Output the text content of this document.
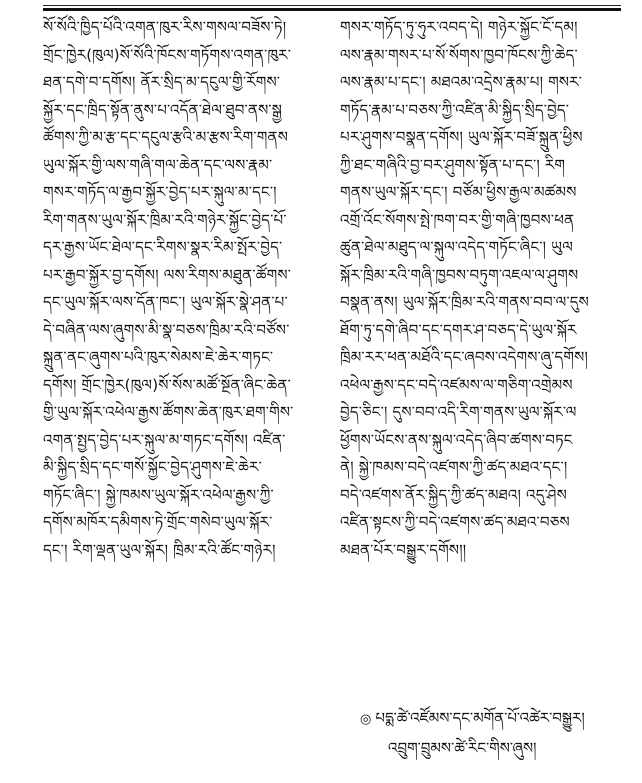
སོ་སོའི་ཁྱིད་པོའི་འགན་ཁུར་རིས་གསལ་བཟོས་ཏེ།
གྲོང་ཁྱེར(ཁུལ)སོ་སོའི་ཁོངས་གཏོགས་འགན་ཁུར་
ཐན་དགེ་བ་དགོས། ནོར་སྲིད་མ་དངུལ་གྱི་རོགས་
སྐྱོར་དང་ཁྲིད་སྟོན་ནུས་པ་འདོན་ཐེལ་ཐུབ་ནས་སྒྱ
ཚོགས་ཀྱི་མ་རྩ་དང་དངུལ་རྩའི་མ་རྩས་རིག་གནས
ཡུལ་སྐོར་གྱི་ལས་གཞི་གལ་ཆེན་དང་ལས་རྣམ་
གསར་གཏོད་ལ་རྒྱབ་སྐྱོར་བྱེད་པར་སྐུལ་མ་དང་།
རིག་གནས་ཡུལ་སྐོར་ཁྲིམ་རའི་གཉེར་སྐྱོང་བྱེད་པོ་
དར་རྒྱས་ཡོང་ཐེལ་དང་རིགས་སྣར་རིམ་སྤོར་བྱེད་
པར་རྒྱབ་སྐྱོར་བྱ་དགོས། ལས་རིགས་མཐུན་ཚོགས་
དང་ཡུལ་སྐོར་ལས་དོན་ཁང་། ཡུལ་སྐོར་སྣེ་ཤན་པ་
དེ་བཞིན་ལས་ཞུགས་མི་སྣ་བཅས་ཁྲིམ་རའི་བཙོས་
སྐྲུན་ནང་ཞུགས་པའི་ཁུར་སེམས་ཇེ་ཆེར་གཏང་
དགོས། གྲོང་ཁྱེར(ཁུལ)སོ་སོས་མཚོ་སྔོན་ཞིང་ཆེན་
གྱི་ཡུལ་སྐོར་འཕེལ་རྒྱས་ཚོགས་ཆེན་ཁུར་ཐག་གིས་
འགན་སྤྱད་བྱེད་པར་སྐུལ་མ་གཏང་དགོས། འཛིན་
མི་སྐྱིད་སྲིད་དང་གསོ་སྐྱོང་བྱེད་ཤུགས་ཇེ་ཆེར་
གཏོང་ཞིང་། སྐྱེ་ཁམས་ཡུལ་སྐོར་འཕེལ་རྒྱས་ཀྱི་
དགོས་མཁོར་དམིགས་ཏེ་གྲོང་གསེབ་ཡུལ་སྐོར་
དང་། རིག་ལྡན་ཡུལ་སྐོར། ཁྲིམ་རའི་ཚོང་གཉེར།
གསར་གཏོད་ཏུ་ཧུར་འབད་དེ། གཉེར་སྐྱོང་ངོ་དམ།
ལས་རྣམ་གསར་པ་སོ་སོགས་ཁྱབ་ཁོངས་ཀྱི་ཆེད་
ལས་རྣམ་པ་དང་། མཐའམ་འདྲེས་རྣམ་པ། གསར་
གཏོད་རྣམ་པ་བཅས་ཀྱི་འཛིན་མི་སྐྱིད་སྲིད་བྱེད་
པར་ཤུགས་བསྣན་དགོས། ཡུལ་སྐོར་བཟོ་སྐྲུན་ཕྱིས
ཀྱི་ཐང་གཞིའི་བྱ་བར་ཤུགས་སྟོན་པ་དང་། རིག
གནས་ཡུལ་སྐོར་དང་། བཙོམ་ཕྱིས་རྒྱལ་མཚམས
འགྲོ་འོང་སོགས་སྤེ་ཁག་བར་གྱི་གཞི་ཁྱབས་ཕན
ཚུན་ཐེལ་མཐུད་ལ་སྐུལ་འདེད་གཏོང་ཞིང་། ཡུལ
སྐོར་ཁྲིམ་རའི་གཞི་ཁྱབས་བཏུག་འཇལ་ལ་ཤུགས
བསྣན་ནས། ཡུལ་སྐོར་ཁྲིམ་རའི་གནས་བབ་ལ་དུས
ཐོག་ཏུ་དགེ་ཞིབ་དང་དགར་ཤ་བཅད་དེ་ཡུལ་སྐོར
ཁྲིམ་རར་ཕན་མཐོའི་དང་ཞབས་འདེགས་ཞུ་དགོས།
འཕེལ་རྒྱས་དང་བདེ་འཛམས་ལ་གཅིག་འགྲེམས
བྱེད་ཅིང་། དུས་བབ་འདི་རིག་གནས་ཡུལ་སྐོར་ལ
ཕྱོགས་ཡོངས་ནས་སྐུལ་འདེད་ཞིབ་ཚགས་བཏང
ནེ། སྐྱེ་ཁམས་བདེ་འཛགས་ཀྱི་ཚད་མཐའ་དང་།
བདེ་འཛགས་ནོར་སྐྱིད་ཀྱི་ཚད་མཐའ། འདུ་ཤེས
འཛིན་སྟངས་ཀྱི་བདེ་འཛགས་ཚད་མཐའ་བཅས
མཐན་པོར་བསྒྱུར་དགོས།།
◎ པདྨ་ཚེ་འཛོམས་དང་མགོན་པོ་འཚེར་བསྒྱུར།
འབྲུག་བྲུམས་ཚེ་རིང་གིས་ཞུས།
